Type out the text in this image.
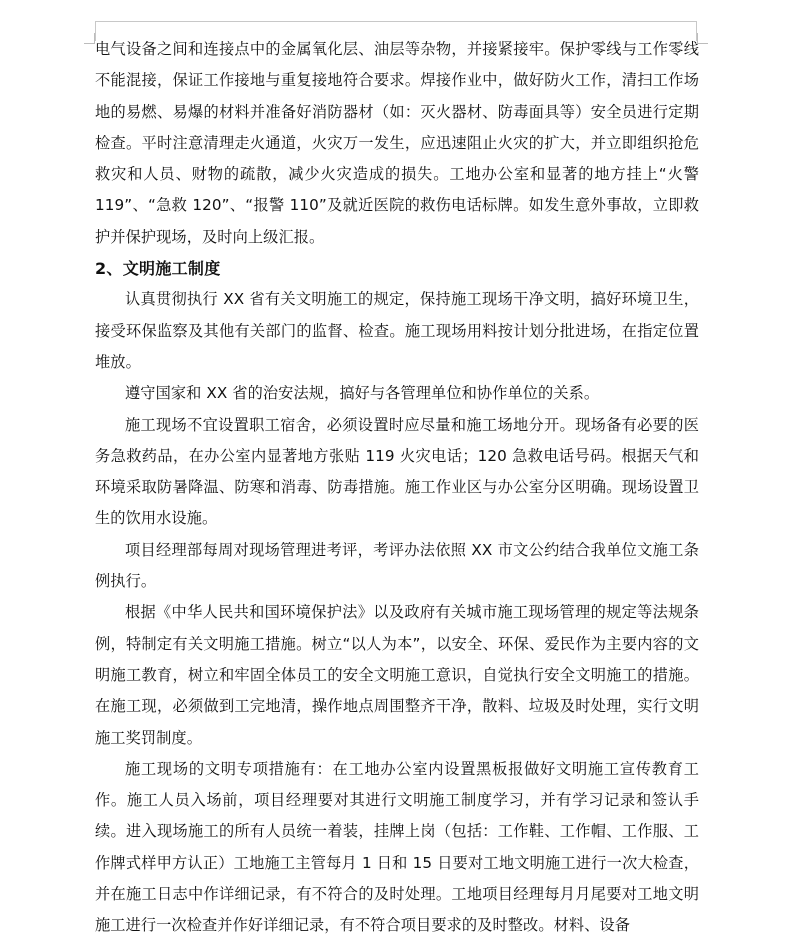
电气设备之间和连接点中的金属氧化层、油层等杂物，并接紧接牢。保护零线与工作零线不能混接，保证工作接地与重复接地符合要求。焊接作业中，做好防火工作，清扫工作场地的易燃、易爆的材料并准备好消防器材（如：灭火器材、防毒面具等）安全员进行定期检查。平时注意清理走火通道，火灾万一发生，应迅速阻止火灾的扩大，并立即组织抢危救灾和人员、财物的疏散，减少火灾造成的损失。工地办公室和显著的地方挂上“火警 119”、“急救 120”、“报警 110”及就近医院的救伤电话标牌。如发生意外事故，立即救护并保护现场，及时向上级汇报。

2、文明施工制度

认真贯彻执行 XX 省有关文明施工的规定，保持施工现场干净文明，搞好环境卫生，接受环保监察及其他有关部门的监督、检查。施工现场用料按计划分批进场，在指定位置堆放。

遵守国家和 XX 省的治安法规，搞好与各管理单位和协作单位的关系。

施工现场不宜设置职工宿舍，必须设置时应尽量和施工场地分开。现场备有必要的医务急救药品，在办公室内显著地方张贴 119 火灾电话；120 急救电话号码。根据天气和环境采取防暑降温、防寒和消毒、防毒措施。施工作业区与办公室分区明确。现场设置卫生的饮用水设施。

项目经理部每周对现场管理进考评，考评办法依照 XX 市文公约结合我单位文施工条例执行。

根据《中华人民共和国环境保护法》以及政府有关城市施工现场管理的规定等法规条例，特制定有关文明施工措施。树立“以人为本”，以安全、环保、爱民作为主要内容的文明施工教育，树立和牢固全体员工的安全文明施工意识，自觉执行安全文明施工的措施。在施工现，必须做到工完地清，操作地点周围整齐干净，散料、垃圾及时处理，实行文明施工奖罚制度。

施工现场的文明专项措施有：在工地办公室内设置黑板报做好文明施工宣传教育工作。施工人员入场前，项目经理要对其进行文明施工制度学习，并有学习记录和签认手续。进入现场施工的所有人员统一着装，挂牌上岗（包括：工作鞋、工作帽、工作服、工作牌式样甲方认正）工地施工主管每月 1 日和 15 日要对工地文明施工进行一次大检查，并在施工日志中作详细记录，有不符合的及时处理。工地项目经理每月月尾要对工地文明施工进行一次检查并作好详细记录，有不符合项目要求的及时整改。材料、设备
